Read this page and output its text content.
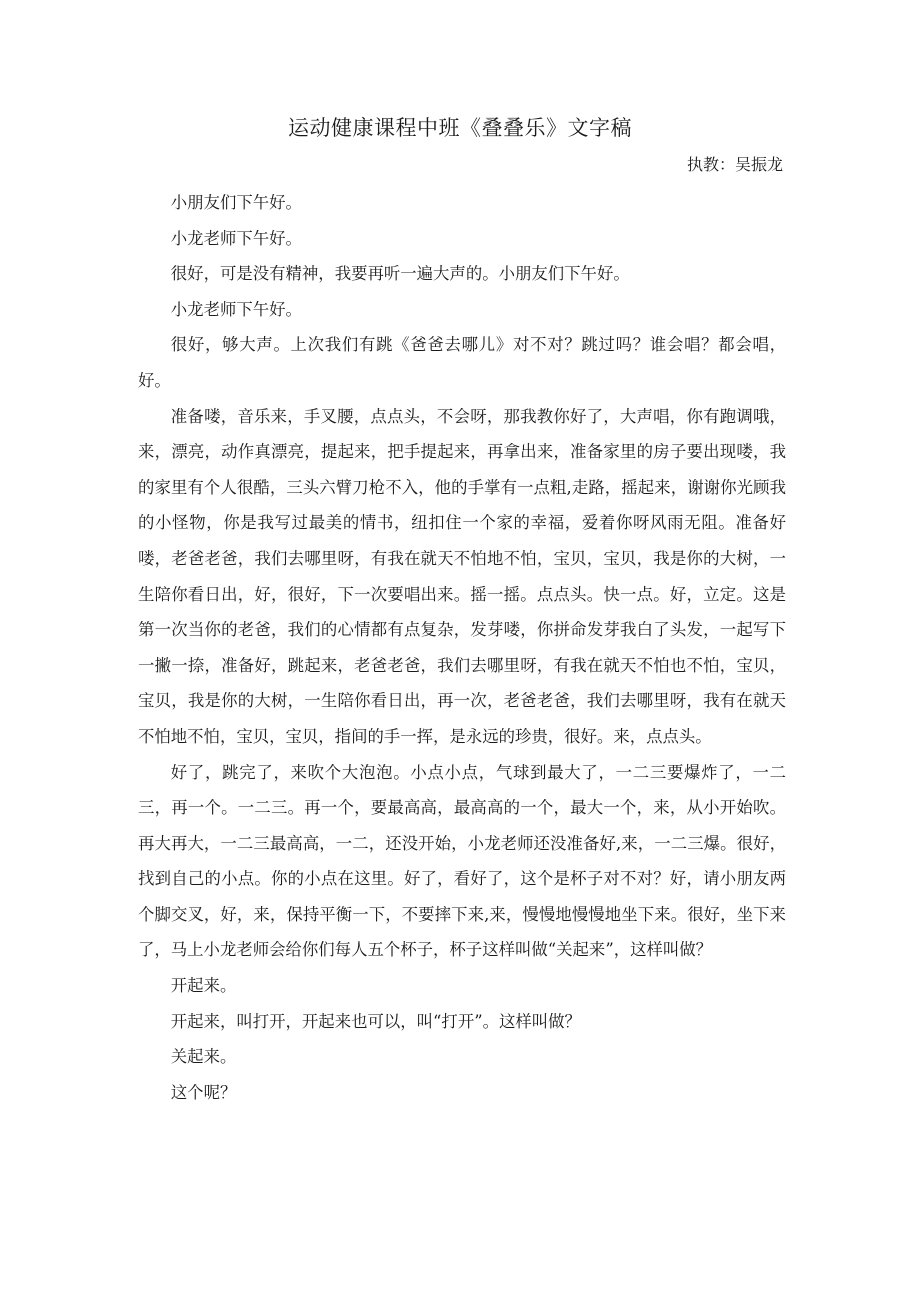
运动健康课程中班《叠叠乐》文字稿

执教：吴振龙

小朋友们下午好。

小龙老师下午好。

很好，可是没有精神，我要再听一遍大声的。小朋友们下午好。

小龙老师下午好。

很好，够大声。上次我们有跳《爸爸去哪儿》对不对？跳过吗？谁会唱？都会唱，好。

准备喽，音乐来，手叉腰，点点头，不会呀，那我教你好了，大声唱，你有跑调哦，来，漂亮，动作真漂亮，提起来，把手提起来，再拿出来，准备家里的房子要出现喽，我的家里有个人很酷，三头六臂刀枪不入，他的手掌有一点粗,走路，摇起来，谢谢你光顾我的小怪物，你是我写过最美的情书，纽扣住一个家的幸福，爱着你呀风雨无阻。准备好喽，老爸老爸，我们去哪里呀，有我在就天不怕地不怕，宝贝，宝贝，我是你的大树，一生陪你看日出，好，很好，下一次要唱出来。摇一摇。点点头。快一点。好，立定。这是第一次当你的老爸，我们的心情都有点复杂，发芽喽，你拼命发芽我白了头发，一起写下一撇一捺，准备好，跳起来，老爸老爸，我们去哪里呀，有我在就天不怕也不怕，宝贝，宝贝，我是你的大树，一生陪你看日出，再一次，老爸老爸，我们去哪里呀，我有在就天不怕地不怕，宝贝，宝贝，指间的手一挥，是永远的珍贵，很好。来，点点头。

好了，跳完了，来吹个大泡泡。小点小点，气球到最大了，一二三要爆炸了，一二三，再一个。一二三。再一个，要最高高，最高高的一个，最大一个，来，从小开始吹。再大再大，一二三最高高，一二，还没开始，小龙老师还没准备好,来，一二三爆。很好，找到自己的小点。你的小点在这里。好了，看好了，这个是杯子对不对？好，请小朋友两个脚交叉，好，来，保持平衡一下，不要摔下来,来，慢慢地慢慢地坐下来。很好，坐下来了，马上小龙老师会给你们每人五个杯子，杯子这样叫做“关起来”，这样叫做？

开起来。

开起来，叫打开，开起来也可以，叫“打开”。这样叫做？

关起来。

这个呢？
